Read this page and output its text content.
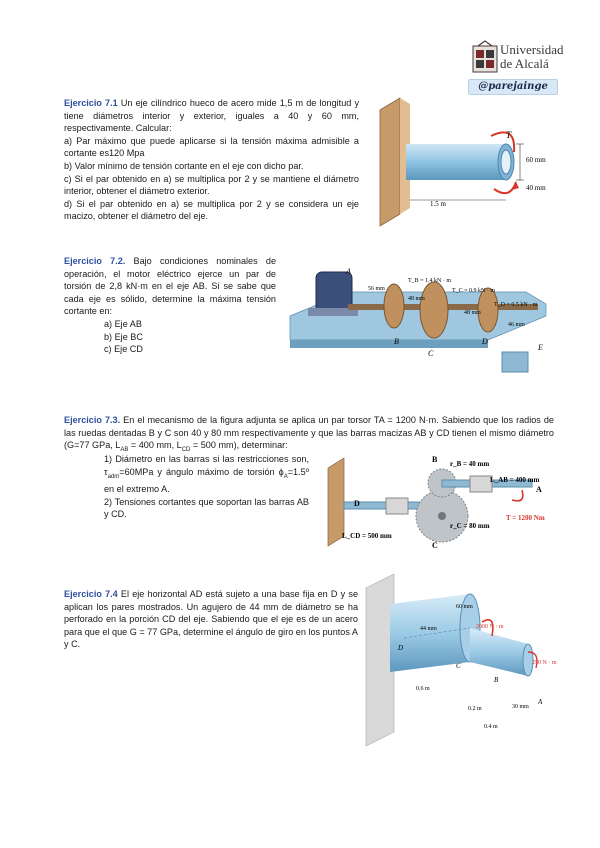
Universidad
de Alcalá
@parejainge
Ejercicio 7.1 Un eje cilíndrico hueco de acero mide 1,5 m de longitud y tiene diámetros interior y exterior, iguales a 40 y 60 mm, respectivamente. Calcular:
a) Par máximo que puede aplicarse si la tensión máxima admisible a cortante es120 Mpa
b) Valor mínimo de tensión cortante en el eje con dicho par.
c) Si el par obtenido en a) se multiplica por 2 y se mantiene el diámetro interior, obtener el diámetro exterior.
d) Si el par obtenido en a) se multiplica por 2 y se considera un eje macizo, obtener el diámetro del eje.
T
60 mm
40 mm
1.5 m
Ejercicio 7.2. Bajo condiciones nominales de operación, el motor eléctrico ejerce un par de torsión de 2,8 kN·m en el eje AB. Si se sabe que cada eje es sólido, determine la máxima tensión cortante en:
a) Eje AB
b) Eje BC
c) Eje CD
A
B
C
D
E
56 mm
48 mm
48 mm
46 mm
T_B = 1.4 kN · m
T_C = 0.9 kN · m
T_D = 0.5 kN · m
Ejercicio 7.3. En el mecanismo de la figura adjunta se aplica un par torsor TA = 1200 N·m. Sabiendo que los radios de las ruedas dentadas B y C son 40 y 80 mm respectivamente y que las barras macizas AB y CD tienen el mismo diámetro (G=77 GPa, $L_{AB} = 400$ mm, $L_{CD} = 500$ mm), determinar:
1) Diámetro en las barras si las restricciones son, $\tau_{adm}=60MPa$ y ángulo máximo de torsión $\phi_A=1.5º$ en el extremo A.
2) Tensiones cortantes que soportan las barras AB y CD.
B r_B = 40 mm
L_AB = 400 mm
A
T = 1200 Nm
D
r_C = 80 mm
L_CD = 500 mm
C
Ejercicio 7.4 El eje horizontal AD está sujeto a una base fija en D y se aplican los pares mostrados. Un agujero de 44 mm de diámetro se ha perforado en la porción CD del eje. Sabiendo que el eje es de un acero para que el que G = 77 GPa, determine el ángulo de giro en los puntos A y C.
60 mm
44 mm	2000 N · m
250 N · m
D
C
B
A
0.6 m
0.2 m
0.4 m
30 mm
